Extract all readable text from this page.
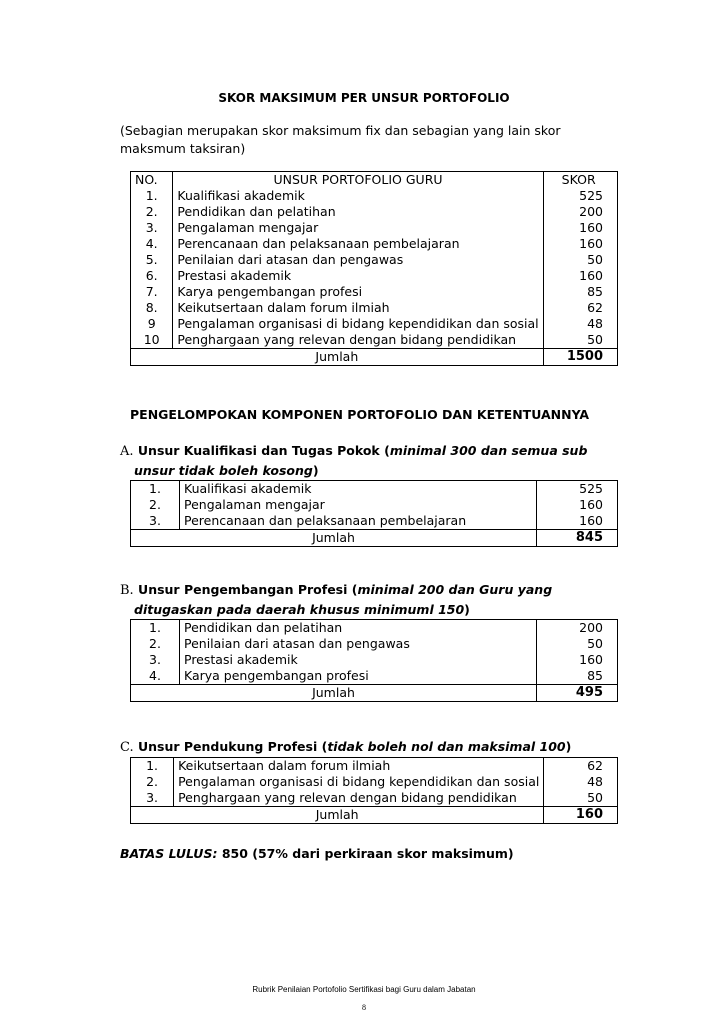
SKOR MAKSIMUM PER UNSUR PORTOFOLIO
(Sebagian merupakan skor maksimum fix dan sebagian yang lain skor maksmum taksiran)
NO.	UNSUR PORTOFOLIO GURU	SKOR
1.	Kualifikasi akademik	525
2.	Pendidikan dan pelatihan	200
3.	Pengalaman mengajar	160
4.	Perencanaan dan pelaksanaan pembelajaran	160
5.	Penilaian dari atasan dan pengawas	50
6.	Prestasi akademik	160
7.	Karya pengembangan profesi	85
8.	Keikutsertaan dalam forum ilmiah	62
9	Pengalaman organisasi di bidang kependidikan dan sosial	48
10	Penghargaan yang relevan dengan bidang pendidikan	50
Jumlah		1500
PENGELOMPOKAN KOMPONEN PORTOFOLIO DAN KETENTUANNYA
A. Unsur Kualifikasi dan Tugas Pokok (minimal 300 dan semua sub
unsur tidak boleh kosong)
1.	Kualifikasi akademik	525
2.	Pengalaman mengajar	160
3.	Perencanaan dan pelaksanaan pembelajaran	160
Jumlah		845
B. Unsur Pengembangan Profesi (minimal 200 dan Guru yang
ditugaskan pada daerah khusus minimuml 150)
1.	Pendidikan dan pelatihan	200
2.	Penilaian dari atasan dan pengawas	50
3.	Prestasi akademik	160
4.	Karya pengembangan profesi	85
Jumlah		495
C. Unsur Pendukung Profesi (tidak boleh nol dan maksimal 100)
1.	Keikutsertaan dalam forum ilmiah	62
2.	Pengalaman organisasi di bidang kependidikan dan sosial	48
3.	Penghargaan yang relevan dengan bidang pendidikan	50
Jumlah		160
BATAS LULUS: 850 (57% dari perkiraan skor maksimum)
Rubrik Penilaian Portofolio Sertifikasi bagi Guru dalam Jabatan
8
